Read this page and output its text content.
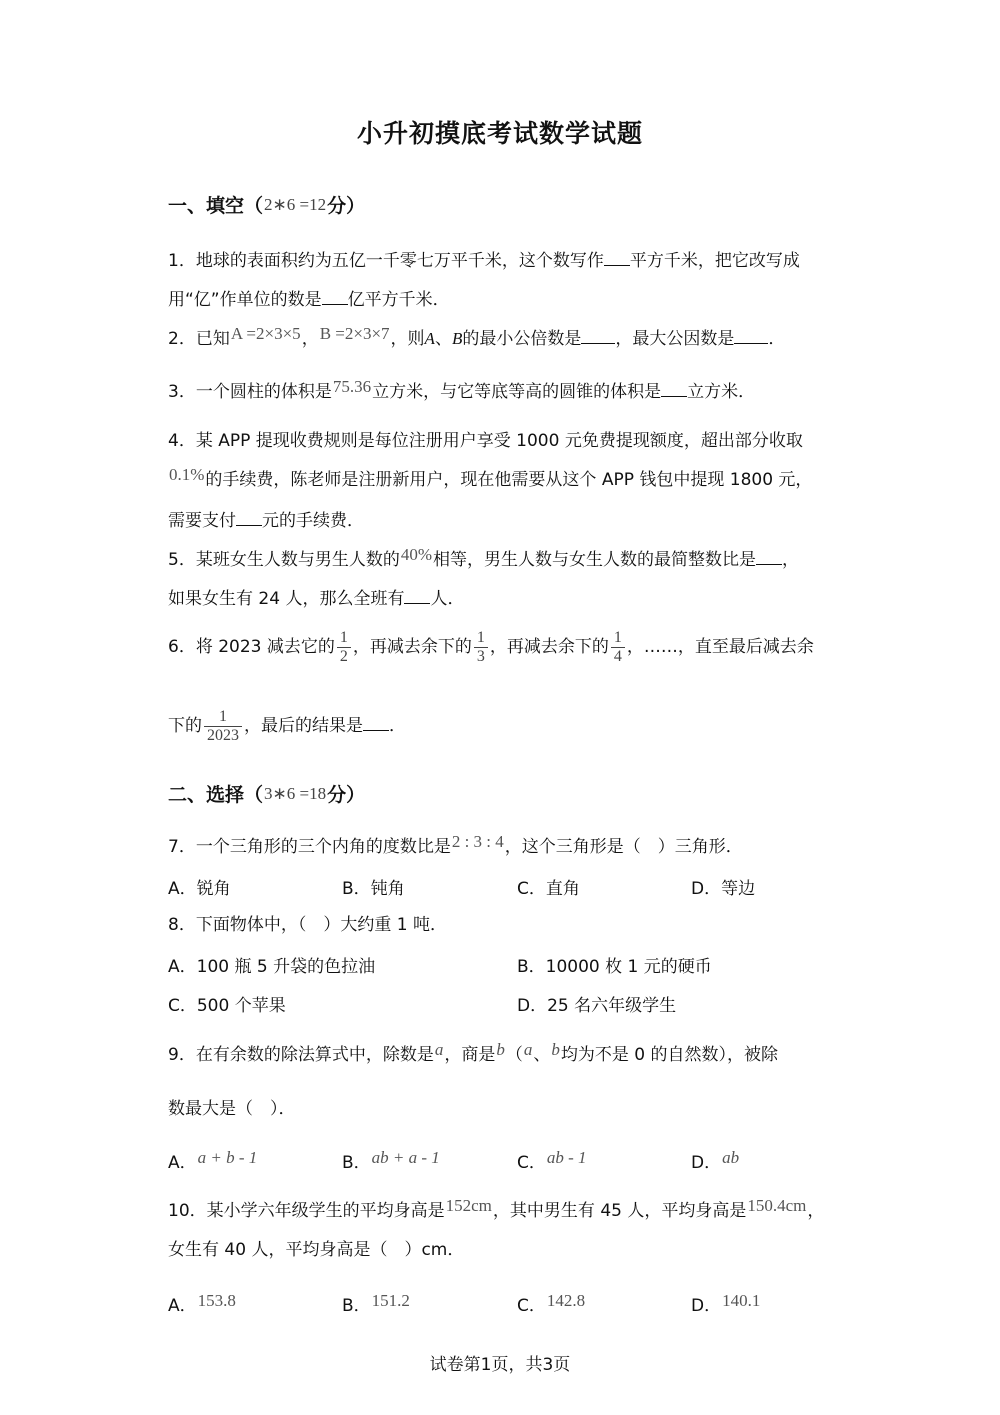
小升初摸底考试数学试题
一、填空（2∗6 =12分）
1．地球的表面积约为五亿一千零七万平千米，这个数写作 平方千米，把它改写成
用“亿”作单位的数是 亿平方千米．
2．已知A =2×3×5，B =2×3×7，则A、B的最小公倍数是 ，最大公因数是 ．
3．一个圆柱的体积是75.36立方米，与它等底等高的圆锥的体积是 立方米．
4．某 APP 提现收费规则是每位注册用户享受 1000 元免费提现额度，超出部分收取
0.1%的手续费，陈老师是注册新用户，现在他需要从这个 APP 钱包中提现 1800 元，
需要支付 元的手续费．
5．某班女生人数与男生人数的40%相等，男生人数与女生人数的最简整数比是 ，
如果女生有 24 人，那么全班有 人．
6．将 2023 减去它的 $\frac{1}{2}$ ，再减去余下的 $\frac{1}{3}$ ，再减去余下的 $\frac{1}{4}$ ，……，直至最后减去余
下的 $\frac{1}{2023}$ ，最后的结果是 ．
二、选择（3∗6 =18分）
7．一个三角形的三个内角的度数比是2 : 3 : 4，这个三角形是（　）三角形．
A．锐角	B．钝角	C．直角	D．等边
8．下面物体中，（　）大约重 1 吨．
A．100 瓶 5 升袋的色拉油	B．10000 枚 1 元的硬币
C．500 个苹果	D．25 名六年级学生
9．在有余数的除法算式中，除数是a，商是b（a、b均为不是 0 的自然数），被除
数最大是（　）．
A．a + b - 1	B．ab + a - 1	C．ab - 1	D．ab
10．某小学六年级学生的平均身高是152cm，其中男生有 45 人，平均身高是150.4cm，
女生有 40 人，平均身高是（　）cm．
A．153.8	B．151.2	C．142.8	D．140.1
试卷第1页，共3页
